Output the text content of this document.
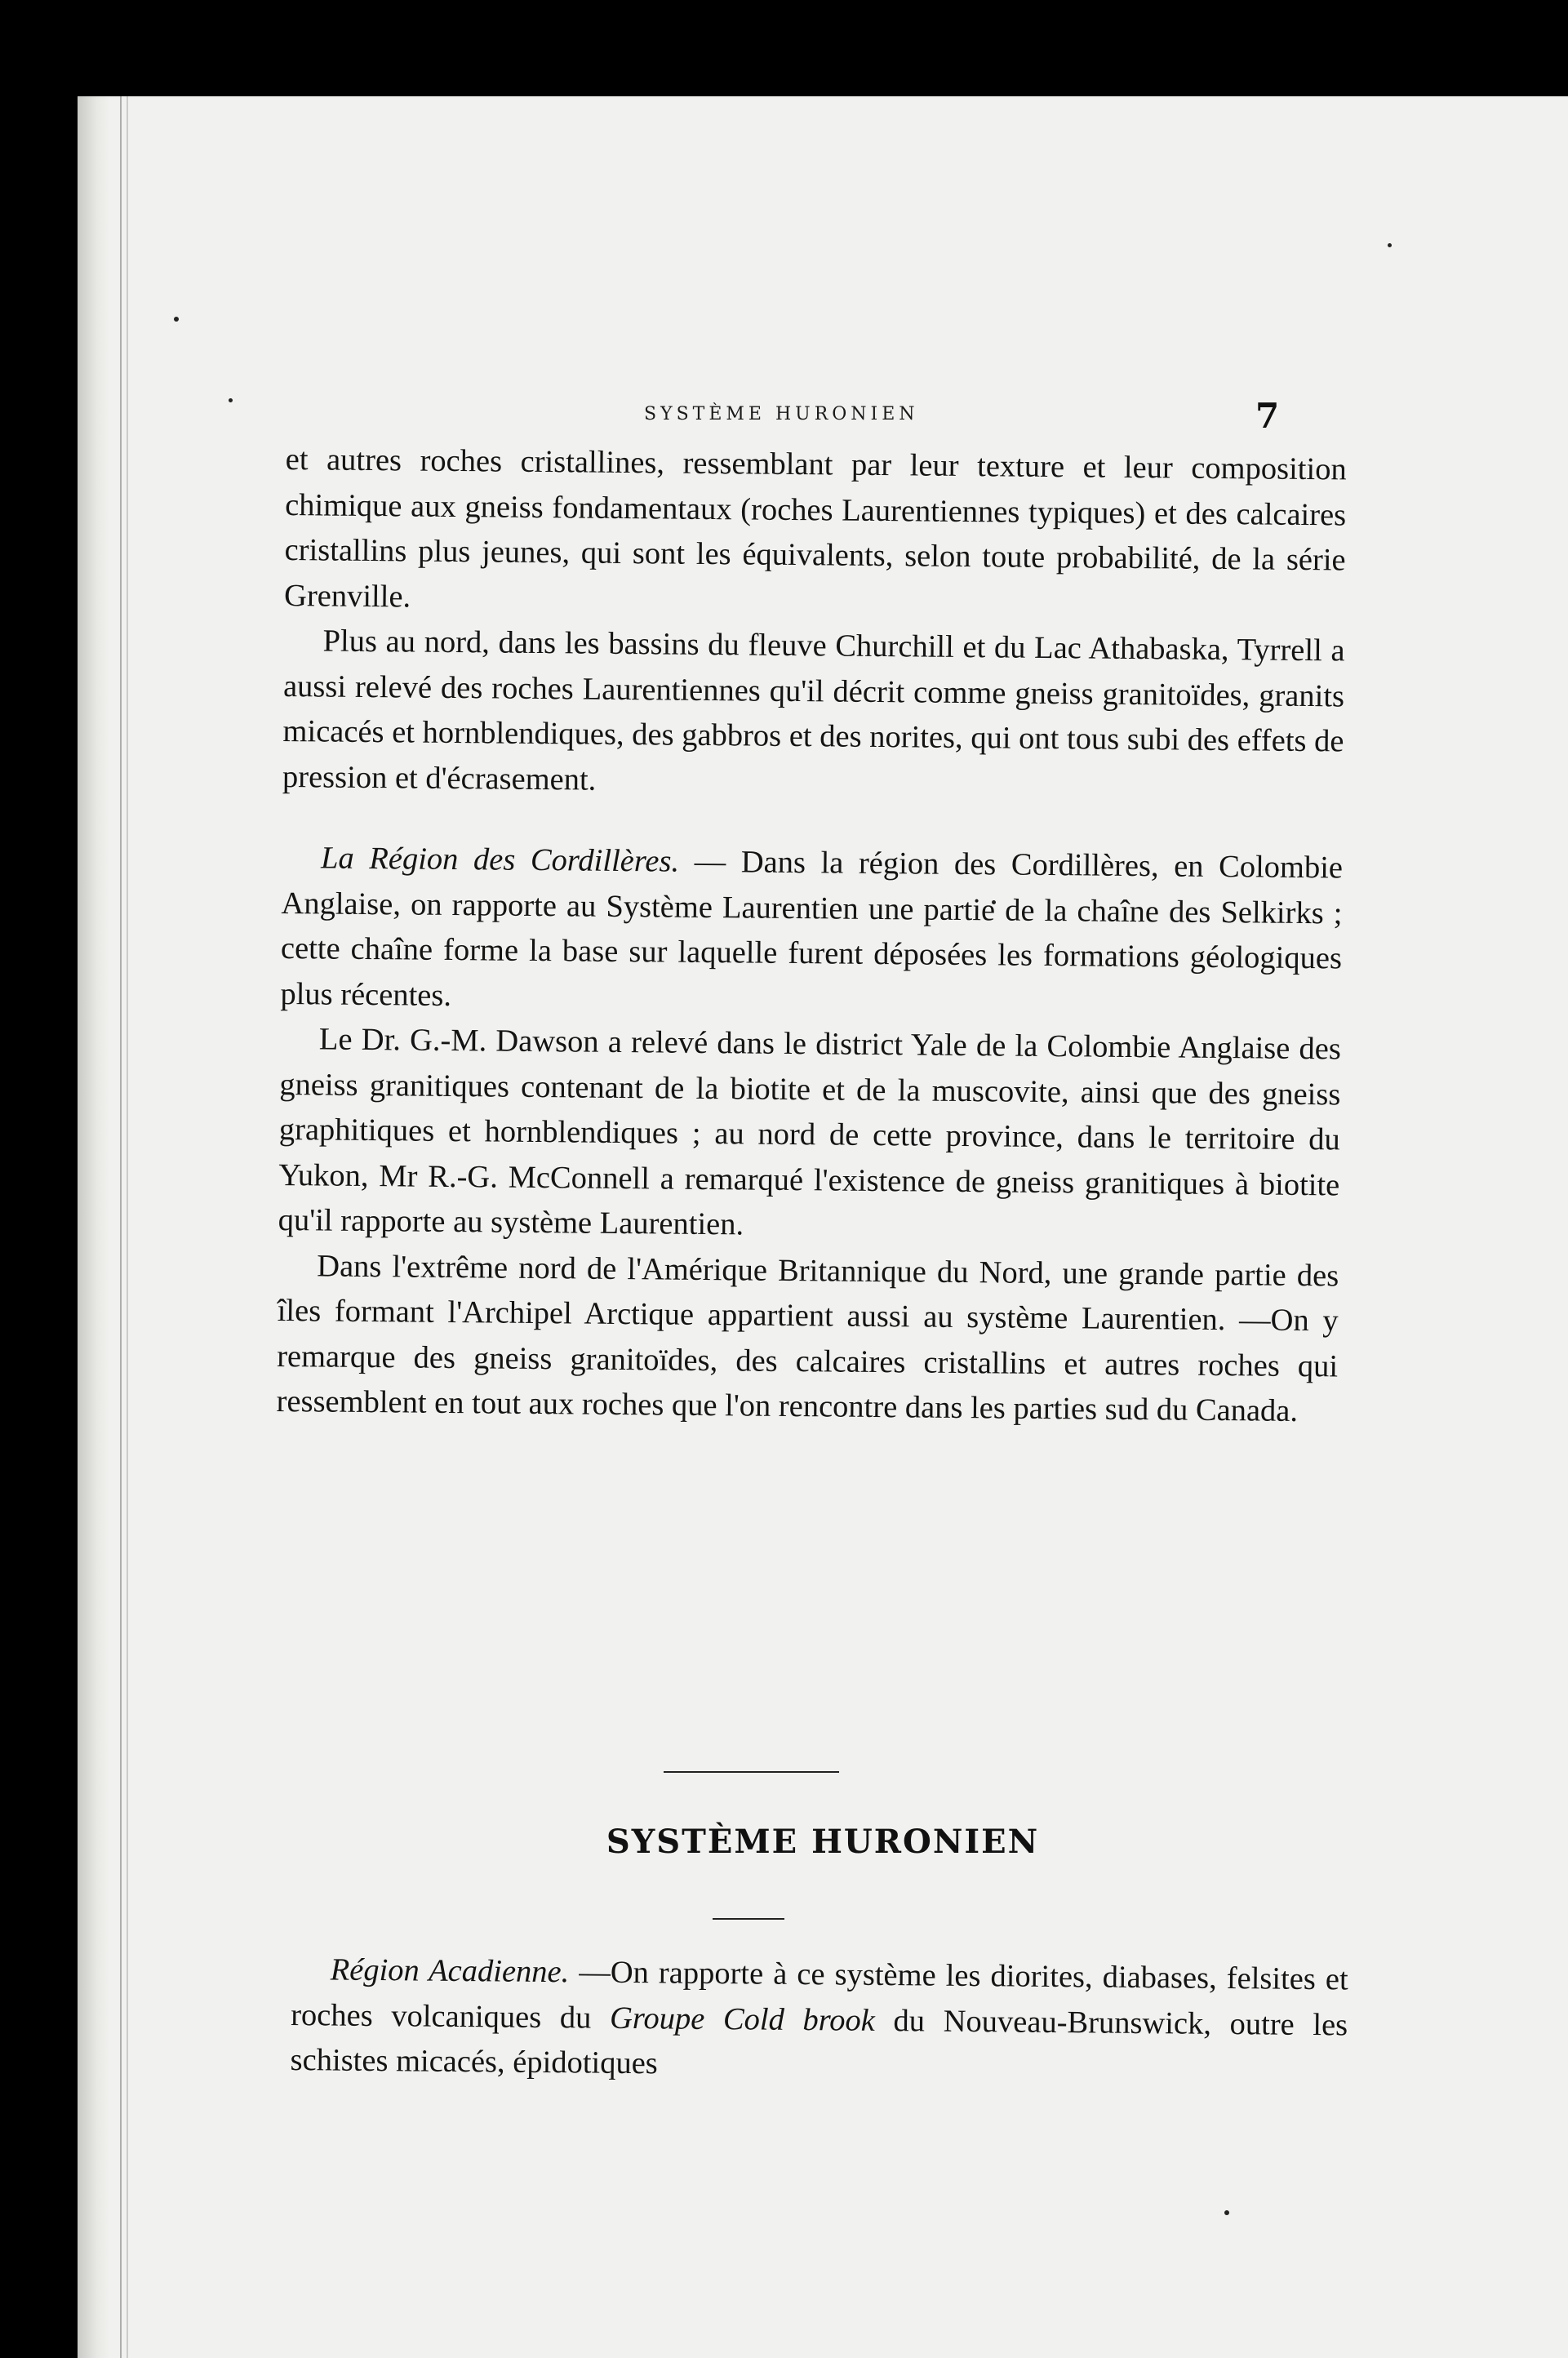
SYSTÈME HURONIEN	7

et autres roches cristallines, ressemblant par leur texture et leur composition chimique aux gneiss fondamentaux (roches Laurentiennes typiques) et des calcaires cristallins plus jeunes, qui sont les équivalents, selon toute probabilité, de la série Grenville.

Plus au nord, dans les bassins du fleuve Churchill et du Lac Athabaska, Tyrrell a aussi relevé des roches Laurentiennes qu'il décrit comme gneiss granitoïdes, granits micacés et hornblendiques, des gabbros et des norites, qui ont tous subi des effets de pression et d'écrasement.

La Région des Cordillères. — Dans la région des Cordillères, en Colombie Anglaise, on rapporte au Système Laurentien une partie de la chaîne des Selkirks ; cette chaîne forme la base sur laquelle furent déposées les formations géologiques plus récentes.

Le Dr. G.-M. Dawson a relevé dans le district Yale de la Colombie Anglaise des gneiss granitiques contenant de la biotite et de la muscovite, ainsi que des gneiss graphitiques et hornblendiques ; au nord de cette province, dans le territoire du Yukon, Mr R.-G. McConnell a remarqué l'existence de gneiss granitiques à biotite qu'il rapporte au système Laurentien.

Dans l'extrême nord de l'Amérique Britannique du Nord, une grande partie des îles formant l'Archipel Arctique appartient aussi au système Laurentien. —On y remarque des gneiss granitoïdes, des calcaires cristallins et autres roches qui ressemblent en tout aux roches que l'on rencontre dans les parties sud du Canada.

SYSTÈME HURONIEN

Région Acadienne. —On rapporte à ce système les diorites, diabases, felsites et roches volcaniques du Groupe Cold brook du Nouveau-Brunswick, outre les schistes micacés, épidotiques
